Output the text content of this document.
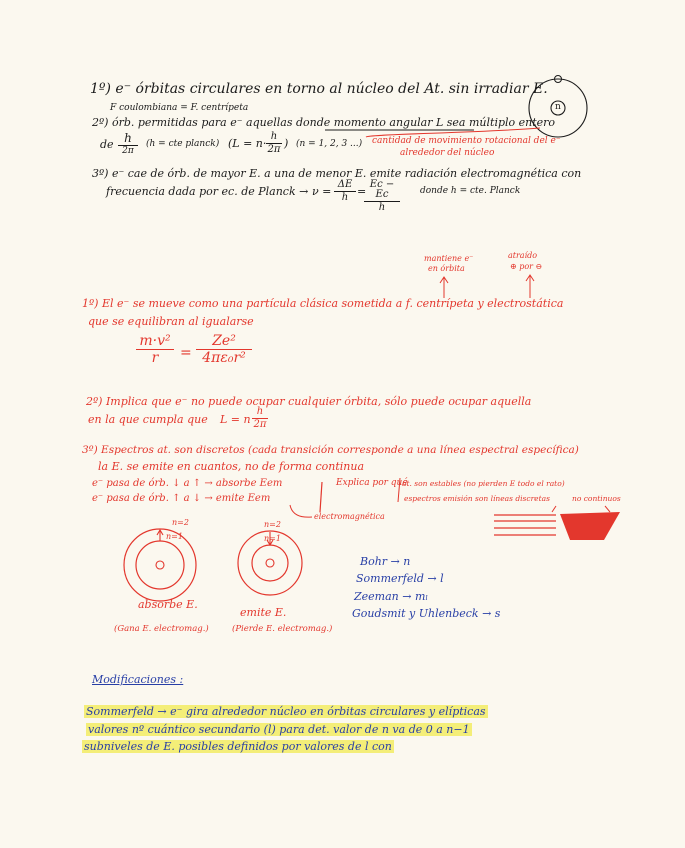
1º) e⁻ órbitas circulares en torno al núcleo del At. sin irradiar E.
F coulombiana = F. centrípeta
2º) órb. permitidas para e⁻ aquellas donde momento angular L sea múltiplo entero
de h
2π
(h = cte planck) (L = n·
h
2π ) (n = 1, 2, 3 ...) cantidad de movimiento rotacional del e⁻
alrededor del núcleo
3º) e⁻ cae de órb. de mayor E. a una de menor E. emite radiación electromagnética con
frecuencia dada por ec. de Planck → ν =
ΔE
h =
Ec − Ec
h
donde h = cte. Planck
n
mantiene e⁻
en órbita
atraído
⊕ por ⊖
1º) El e⁻ se mueve como una partícula clásica sometida a f. centrípeta y electrostática
que se equilibran al igualarse
m·v²
r	=
Ze²
4πε₀r²
2º) Implica que e⁻ no puede ocupar cualquier órbita, sólo puede ocupar aquella
en la que cumpla que L = n
h
2π
3º) Espectros at. son discretos (cada transición corresponde a una línea espectral específica)
la E. se emite en cuantos, no de forma continua
e⁻ pasa de órb. ↓ a ↑ → absorbe Eem
e⁻ pasa de órb. ↑ a ↓ → emite Eem
electromagnética
Explica por qué
át. son estables (no pierden E todo el rato)
espectros emisión son líneas discretas	no continuos
n=2
n=1
n=2
n=1
absorbe E.
(Gana E. electromag.)
emite E.
(Pierde E. electromag.)
Bohr → n
Sommerfeld → l
Zeeman → mₗ
Goudsmit y Uhlenbeck → s
Modificaciones :
Sommerfeld → e⁻ gira alrededor núcleo en órbitas circulares y elípticas
valores nº cuántico secundario (l) para det. valor de n va de 0 a n−1
subniveles de E. posibles definidos por valores de l con
